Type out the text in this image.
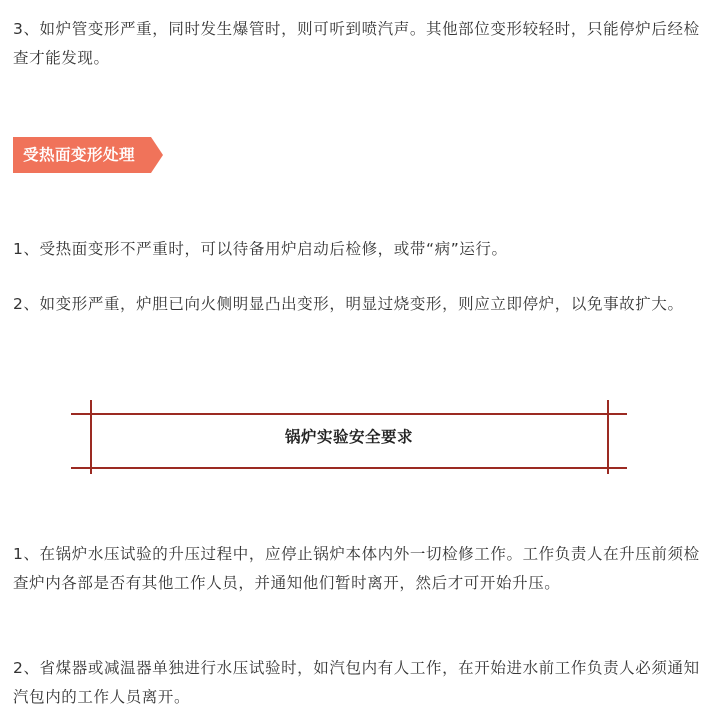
3、如炉管变形严重，同时发生爆管时，则可听到喷汽声。其他部位变形较轻时，只能停炉后经检查才能发现。

受热面变形处理

1、受热面变形不严重时，可以待备用炉启动后检修，或带“病”运行。

2、如变形严重，炉胆已向火侧明显凸出变形，明显过烧变形，则应立即停炉，以免事故扩大。

锅炉实验安全要求

1、在锅炉水压试验的升压过程中，应停止锅炉本体内外一切检修工作。工作负责人在升压前须检查炉内各部是否有其他工作人员，并通知他们暂时离开，然后才可开始升压。

2、省煤器或减温器单独进行水压试验时，如汽包内有人工作，在开始进水前工作负责人必须通知汽包内的工作人员离开。
